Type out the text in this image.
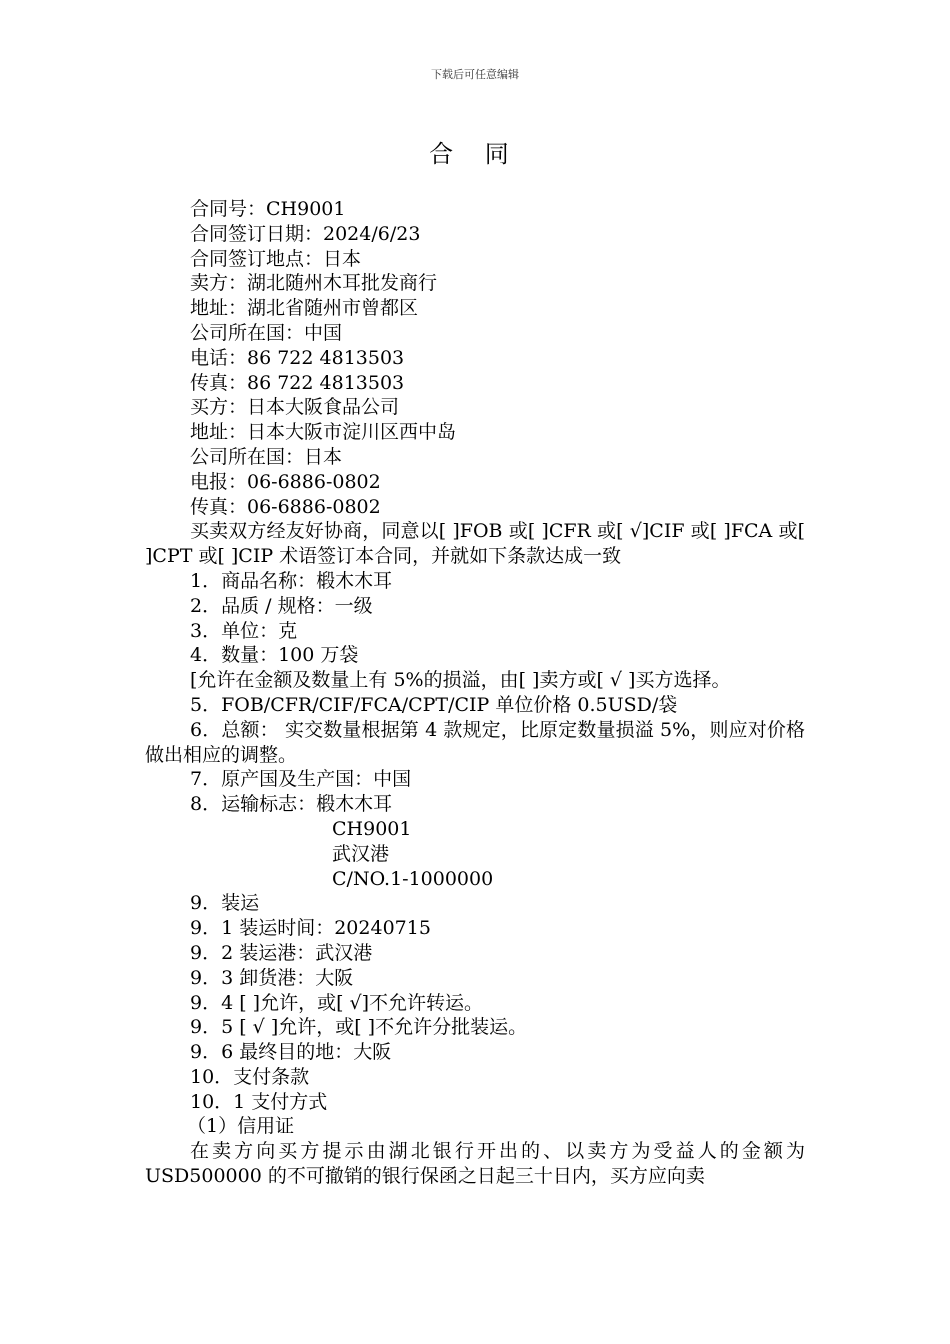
下载后可任意编辑
合 同

合同号：CH9001

合同签订日期：2024/6/23

合同签订地点：日本

卖方：湖北随州木耳批发商行

地址：湖北省随州市曾都区

公司所在国：中国

电话：86 722 4813503

传真：86 722 4813503

买方：日本大阪食品公司

地址：日本大阪市淀川区西中岛

公司所在国：日本

电报：06-6886-0802

传真：06-6886-0802

买卖双方经友好协商，同意以[ ]FOB 或[ ]CFR 或[ √]CIF 或[ ]FCA 或[ ]CPT 或[ ]CIP 术语签订本合同，并就如下条款达成一致

1．商品名称：椴木木耳

2．品质 / 规格：一级

3．单位：克

4．数量：100 万袋

[允许在金额及数量上有 5%的损溢，由[ ]卖方或[ √ ]买方选择。

5．FOB/CFR/CIF/FCA/CPT/CIP 单位价格 0.5USD/袋

6．总额： 实交数量根据第 4 款规定，比原定数量损溢 5%，则应对价格做出相应的调整。

7．原产国及生产国：中国

8．运输标志：椴木木耳

CH9001

武汉港

C/NO.1-1000000

9．装运

9．1 装运时间：20240715

9．2 装运港：武汉港

9．3 卸货港：大阪

9．4 [ ]允许，或[ √]不允许转运。

9．5 [ √ ]允许，或[ ]不允许分批装运。

9．6 最终目的地：大阪

10．支付条款

10．1 支付方式

（1）信用证

在卖方向买方提示由湖北银行开出的、以卖方为受益人的金额为 USD500000 的不可撤销的银行保函之日起三十日内，买方应向卖
